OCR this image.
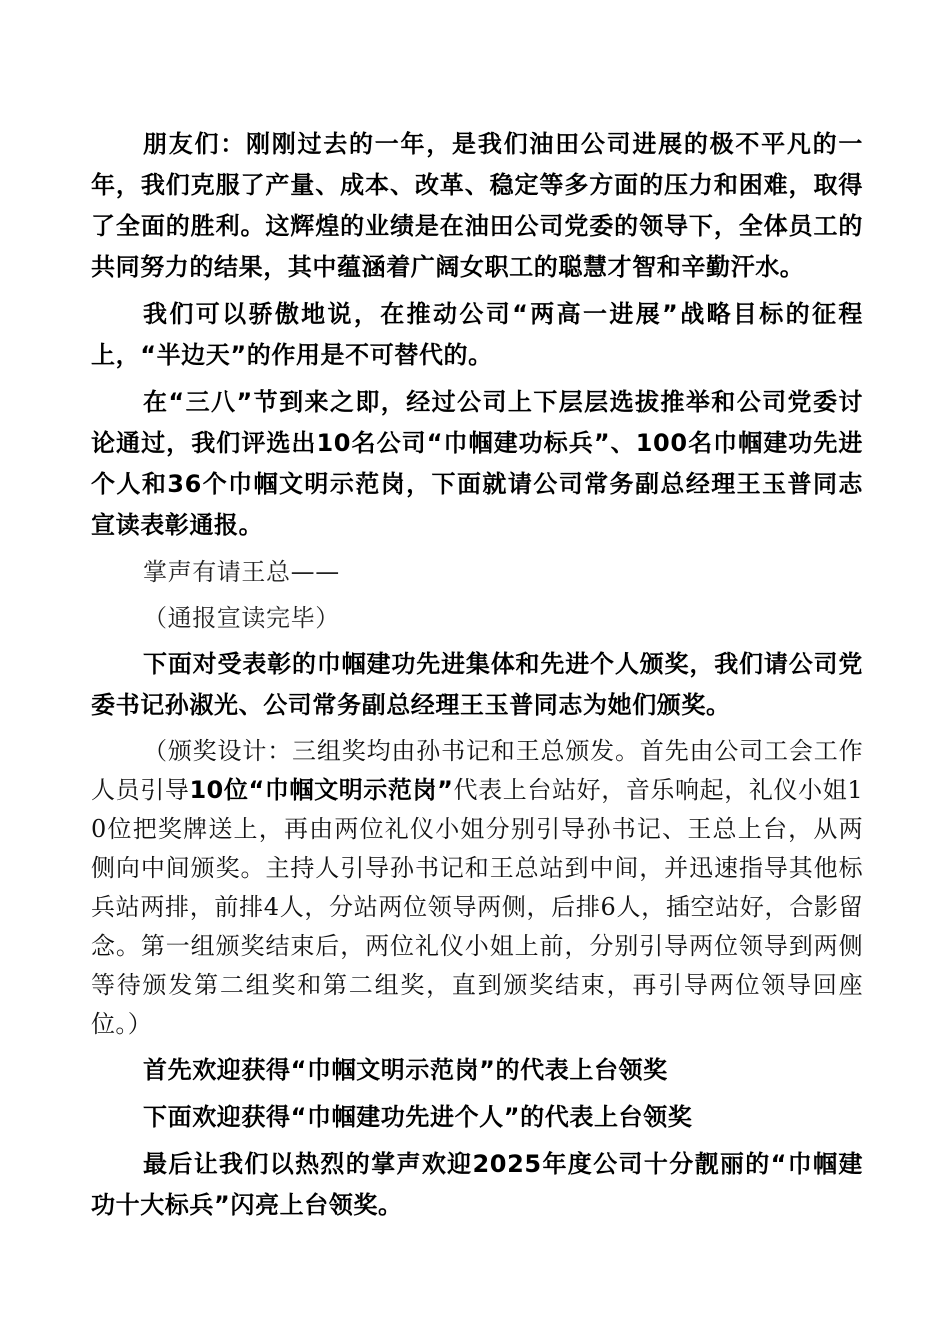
朋友们：刚刚过去的一年，是我们油田公司进展的极不平凡的一年，我们克服了产量、成本、改革、稳定等多方面的压力和困难，取得了全面的胜利。这辉煌的业绩是在油田公司党委的领导下，全体员工的共同努力的结果，其中蕴涵着广阔女职工的聪慧才智和辛勤汗水。

我们可以骄傲地说，在推动公司“两高一进展”战略目标的征程上，“半边天”的作用是不可替代的。

在“三八”节到来之即，经过公司上下层层选拔推举和公司党委讨论通过，我们评选出10名公司“巾帼建功标兵”、100名巾帼建功先进个人和36个巾帼文明示范岗，下面就请公司常务副总经理王玉普同志宣读表彰通报。

掌声有请王总——

（通报宣读完毕）

下面对受表彰的巾帼建功先进集体和先进个人颁奖，我们请公司党委书记孙淑光、公司常务副总经理王玉普同志为她们颁奖。

（颁奖设计：三组奖均由孙书记和王总颁发。首先由公司工会工作人员引导10位“巾帼文明示范岗”代表上台站好，音乐响起，礼仪小姐10位把奖牌送上，再由两位礼仪小姐分别引导孙书记、王总上台，从两侧向中间颁奖。主持人引导孙书记和王总站到中间，并迅速指导其他标兵站两排，前排4人，分站两位领导两侧，后排6人，插空站好，合影留念。第一组颁奖结束后，两位礼仪小姐上前，分别引导两位领导到两侧等待颁发第二组奖和第二组奖，直到颁奖结束，再引导两位领导回座位。）

首先欢迎获得“巾帼文明示范岗”的代表上台领奖

下面欢迎获得“巾帼建功先进个人”的代表上台领奖

最后让我们以热烈的掌声欢迎2025年度公司十分靓丽的“巾帼建功十大标兵”闪亮上台领奖。
